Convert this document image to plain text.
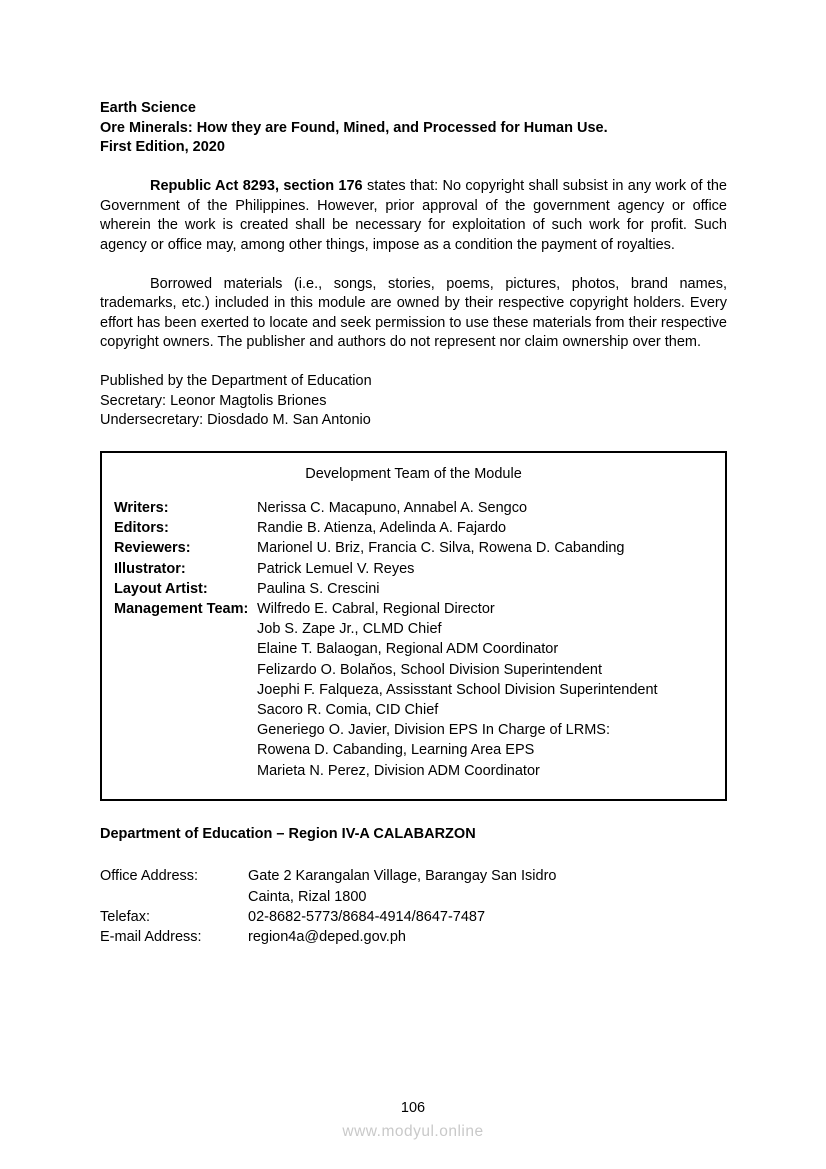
Earth Science
Ore Minerals: How they are Found, Mined, and Processed for Human Use.
First Edition, 2020

Republic Act 8293, section 176 states that: No copyright shall subsist in any work of the Government of the Philippines. However, prior approval of the government agency or office wherein the work is created shall be necessary for exploitation of such work for profit. Such agency or office may, among other things, impose as a condition the payment of royalties.

Borrowed materials (i.e., songs, stories, poems, pictures, photos, brand names, trademarks, etc.) included in this module are owned by their respective copyright holders. Every effort has been exerted to locate and seek permission to use these materials from their respective copyright owners. The publisher and authors do not represent nor claim ownership over them.

Published by the Department of Education
Secretary: Leonor Magtolis Briones
Undersecretary: Diosdado M. San Antonio
Development Team of the Module
Writers:	Nerissa C. Macapuno, Annabel A. Sengco
Editors:	Randie B. Atienza, Adelinda A. Fajardo
Reviewers:	Marionel U. Briz, Francia C. Silva, Rowena D. Cabanding
Illustrator:	Patrick Lemuel V. Reyes
Layout Artist:	Paulina S. Crescini
Management Team: Wilfredo E. Cabral, Regional Director
Job S. Zape Jr., CLMD Chief
Elaine T. Balaogan, Regional ADM Coordinator
Felizardo O. Bolaňos, School Division Superintendent
Joephi F. Falqueza, Assisstant School Division Superintendent
Sacoro R. Comia, CID Chief
Generiego O. Javier, Division EPS In Charge of LRMS:
Rowena D. Cabanding, Learning Area EPS
Marieta N. Perez, Division ADM Coordinator
Department of Education – Region IV-A CALABARZON
Office Address:	Gate 2 Karangalan Village, Barangay San Isidro
Cainta, Rizal 1800
Telefax:	02-8682-5773/8684-4914/8647-7487
E-mail Address:	region4a@deped.gov.ph
106
www.modyul.online
